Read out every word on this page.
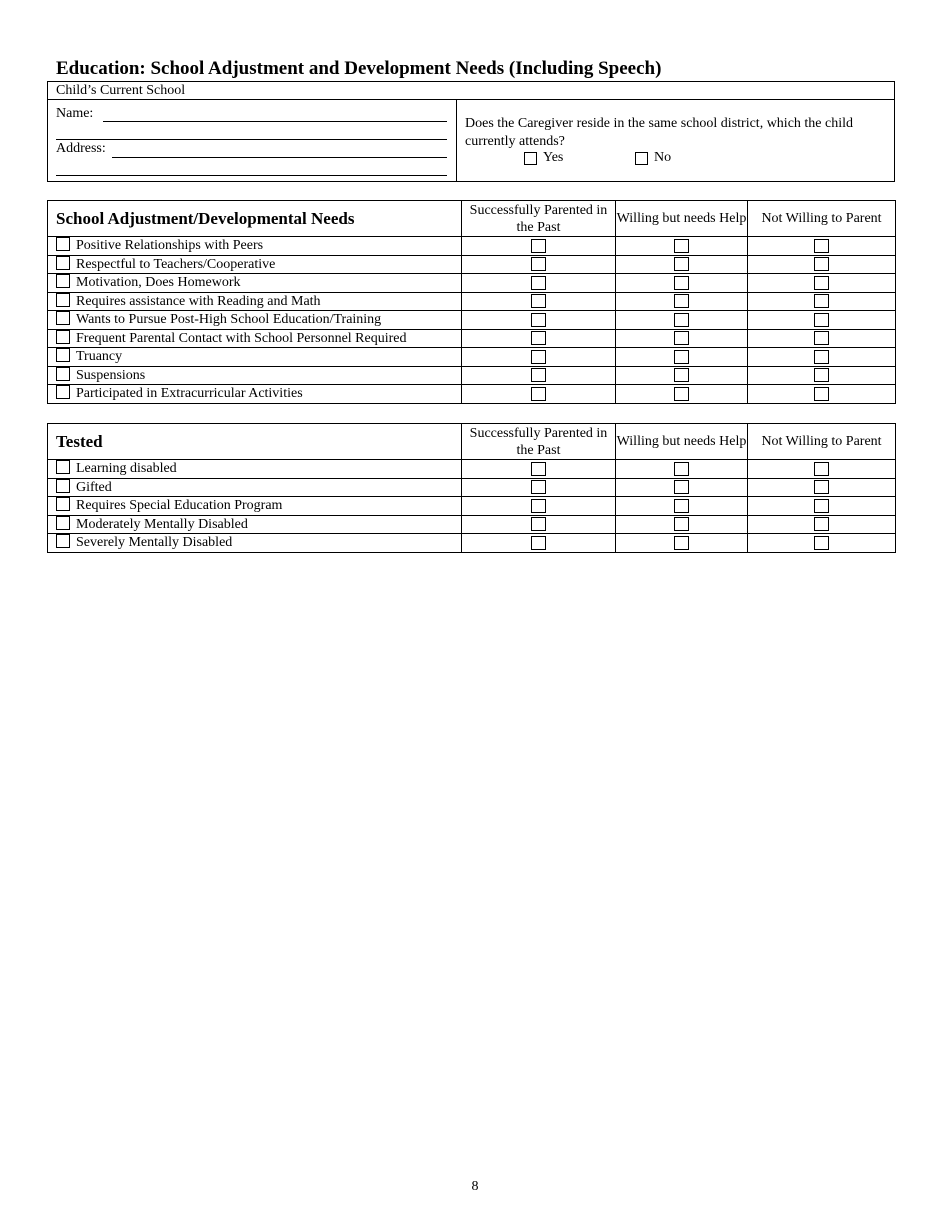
Education: School Adjustment and Development Needs (Including Speech)
Child’s Current School
Name:
Address:
Does the Caregiver reside in the same school district, which the child currently attends?
Yes	No
School Adjustment/Developmental Needs	Successfully Parented in the Past	Willing but needs Help	Not Willing to Parent
Positive Relationships with Peers			
Respectful to Teachers/Cooperative			
Motivation, Does Homework			
Requires assistance with Reading and Math			
Wants to Pursue Post-High School Education/Training			
Frequent Parental Contact with School Personnel Required			
Truancy			
Suspensions			
Participated in Extracurricular Activities			
Tested	Successfully Parented in the Past	Willing but needs Help	Not Willing to Parent
Learning disabled			
Gifted			
Requires Special Education Program			
Moderately Mentally Disabled			
Severely Mentally Disabled			
8
